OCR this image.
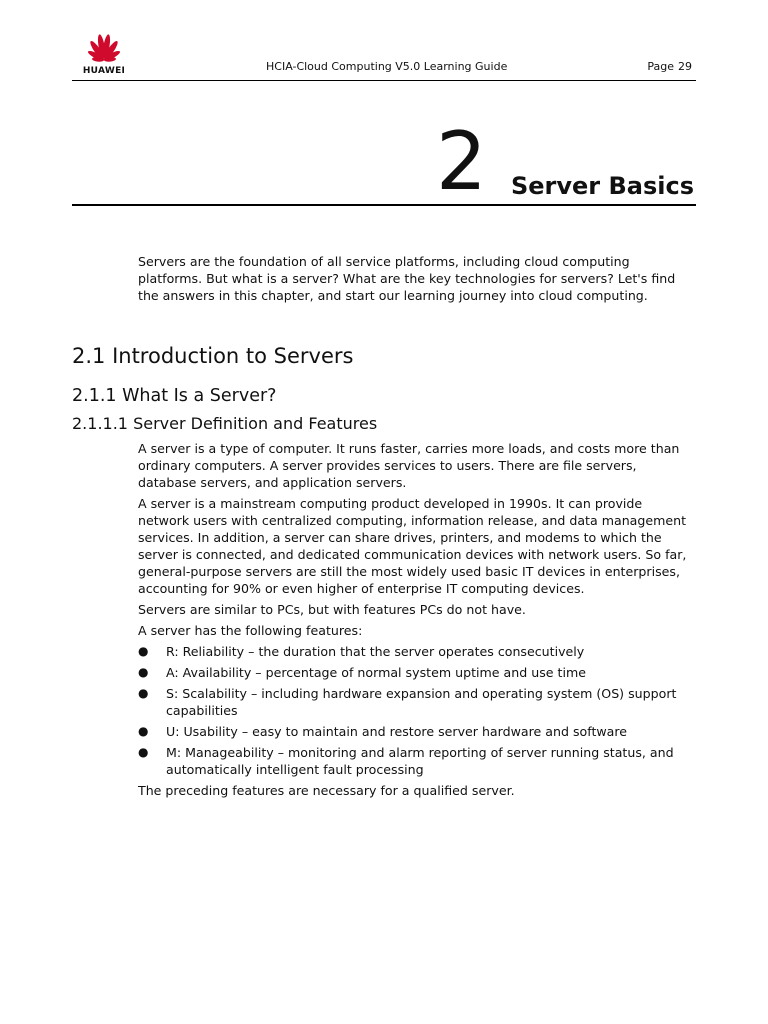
HUAWEI	HCIA-Cloud Computing V5.0 Learning Guide	Page 29
2 Server Basics
Servers are the foundation of all service platforms, including cloud computing platforms. But what is a server? What are the key technologies for servers? Let's find the answers in this chapter, and start our learning journey into cloud computing.
2.1 Introduction to Servers
2.1.1 What Is a Server?
2.1.1.1 Server Definition and Features

A server is a type of computer. It runs faster, carries more loads, and costs more than ordinary computers. A server provides services to users. There are file servers, database servers, and application servers.

A server is a mainstream computing product developed in 1990s. It can provide network users with centralized computing, information release, and data management services. In addition, a server can share drives, printers, and modems to which the server is connected, and dedicated communication devices with network users. So far, general-purpose servers are still the most widely used basic IT devices in enterprises, accounting for 90% or even higher of enterprise IT computing devices.

Servers are similar to PCs, but with features PCs do not have.

A server has the following features:

● R: Reliability – the duration that the server operates consecutively
● A: Availability – percentage of normal system uptime and use time
● S: Scalability – including hardware expansion and operating system (OS) support capabilities
● U: Usability – easy to maintain and restore server hardware and software
● M: Manageability – monitoring and alarm reporting of server running status, and automatically intelligent fault processing

The preceding features are necessary for a qualified server.
